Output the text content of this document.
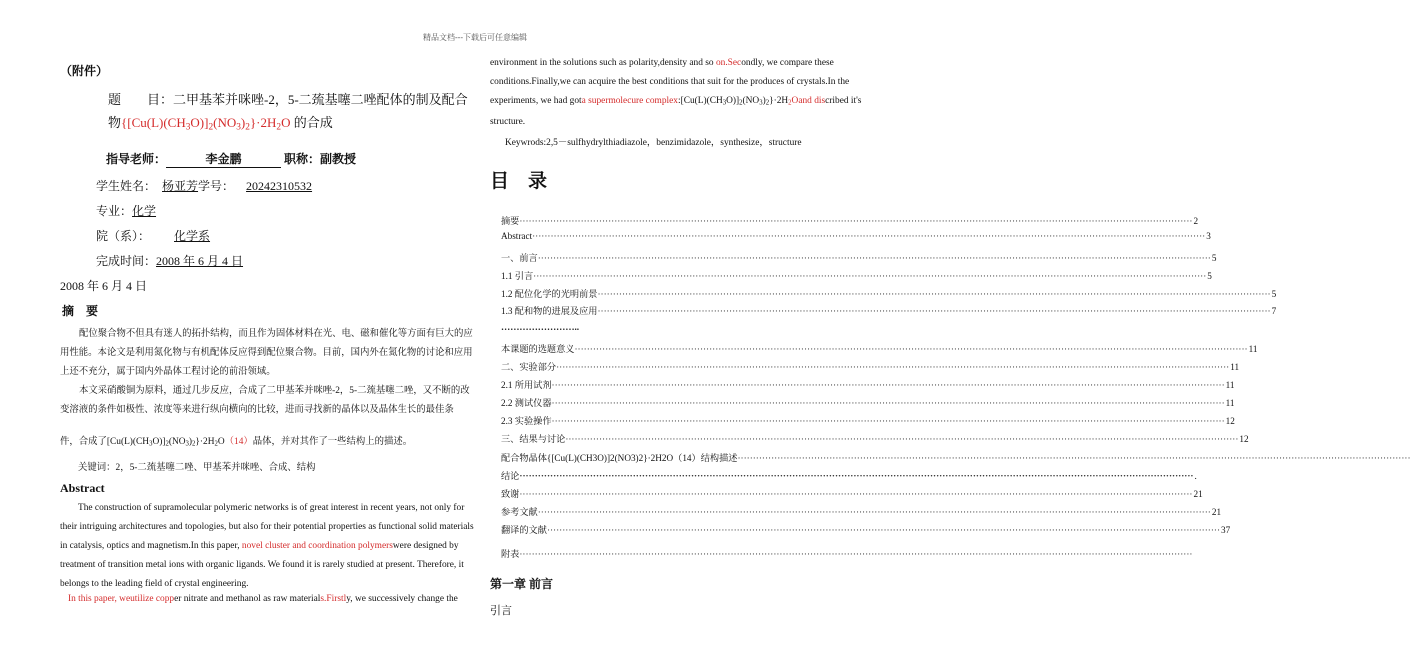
精品文档---下载后可任意编辑
（附件）
题　　目：二甲基苯并咪唑-2，5-二巯基噻二唑配体的制及配合
物$\{[Cu(L)(CH_3O)]_2(NO_3)_2\}\cdot 2H_2O$ 的合成
指导老师：	李金鹏	职称：副教授
学生姓名： 杨亚芳学号： 20242310532
专业：化学
院（系）： 化学系
完成时间：2008 年 6 月 4 日
2008 年 6 月 4 日
摘　要
配位聚合物不但具有迷人的拓扑结构，而且作为固体材料在光、电、磁和催化等方面有巨大的应用性能。本论文是利用氮化物与有机配体反应得到配位聚合物。目前，国内外在氮化物的讨论和应用上还不充分，属于国内外晶体工程讨论的前沿领域。
本文采硝酸铜为原料，通过几步反应，合成了二甲基苯并咪唑-2，5-二巯基噻二唑，又不断的改变溶液的条件如极性、浓度等来进行纵向横向的比较，进而寻找新的晶体以及晶体生长的最佳条
件，合成了$[Cu(L)(CH_3O)]_2(NO_3)_2\}\cdot 2H_2O(14)$晶体，并对其作了一些结构上的描述。
关键词：2，5-二巯基噻二唑、甲基苯并咪唑、合成、结构
Abstract
The construction of supramolecular polymeric networks is of great interest in recent years, not only for their intriguing architectures and topologies, but also for their potential properties as functional solid materials in catalysis, optics and magnetism.In this paper, novel cluster and coordination polymerswere designed by treatment of transition metal ions with organic ligands. We found it is rarely studied at present. Therefore, it belongs to the leading field of crystal engineering.
In this paper, weutilize copper nitrate and methanol as raw materials.Firstly, we successively change the
environment in the solutions such as polarity,density and so on.Secondly, we compare these conditions.Finally,we can acquire the best conditions that suit for the produces of crystals.In the experiments, we had gota supermolecure $complex:[Cu(L)(CH_3O)]_2(NO_3)_2\}\cdot 2H_2Oand$ discribed it's structure.
Keywrods:2,5－sulfhydrylthiadiazole，benzimidazole，synthesize，structure
目　录
摘要 ···························································································································································································································· 2
Abstract ···························································································································································································································· 3
一、前言 ···························································································································································································································· 5
1.1 引言 ···························································································································································································································· 5
1.2 配位化学的光明前景 ···························································································································································································································· 5
1.3 配和物的进展及应用 ···························································································································································································································· 7
本课题的选题意义 ···························································································································································································································· 11
二、实验部分 ···························································································································································································································· 11
2.1 所用试剂 ···························································································································································································································· 11
2.2 测试仪器 ···························································································································································································································· 11
2.3 实验操作 ···························································································································································································································· 12
三、结果与讨论 ···························································································································································································································· 12
配合物晶体{[Cu(L)(CH3O)]2(NO3)2}·2H2O（14）结构描述 ····························································································································································································································
结论 ···························································································································································································································· .
致谢 ···························································································································································································································· 21
参考文献 ···························································································································································································································· 21
翻译的文献 ···························································································································································································································· 37
附表 ····························································································································································································································
……………………..
第一章 前言
引言
